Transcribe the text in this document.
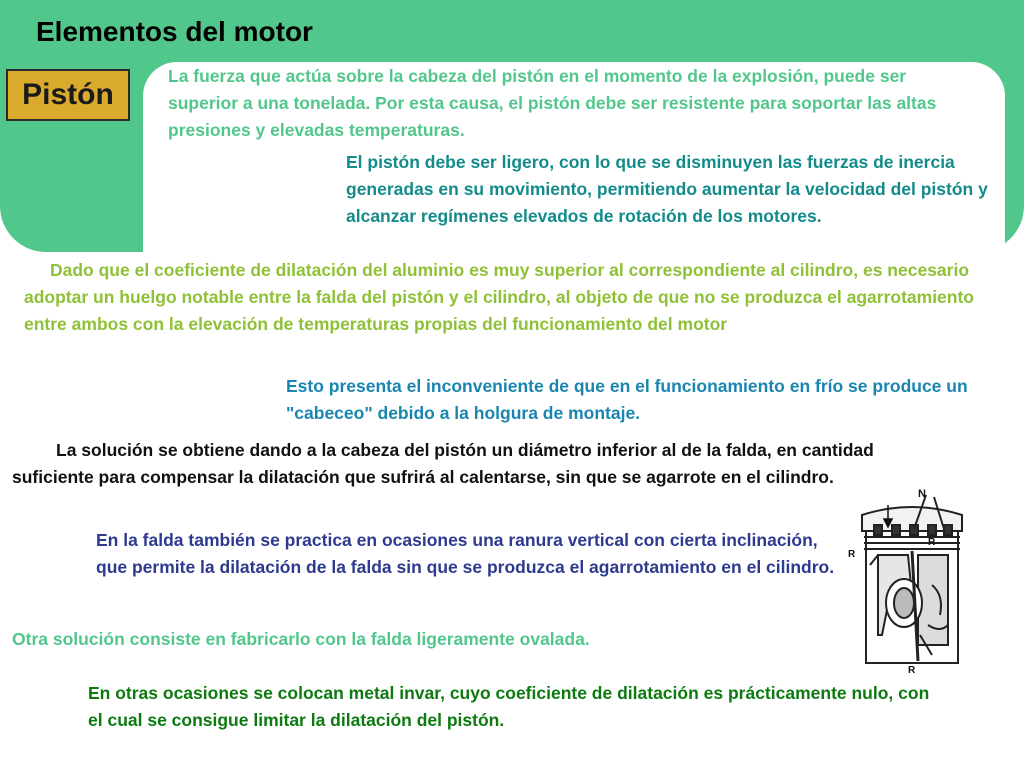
Elementos del motor
Pistón

La fuerza que actúa sobre la cabeza del pistón en el momento de la explosión, puede ser superior a una tonelada. Por esta causa, el pistón debe ser resistente para soportar las altas presiones y elevadas temperaturas.

El pistón debe ser ligero, con lo que se disminuyen las fuerzas de inercia generadas en su movimiento, permitiendo aumentar la velocidad del pistón y alcanzar regímenes elevados de rotación de los motores.

Dado que el coeficiente de dilatación del aluminio es muy superior al correspondiente al cilindro, es necesario adoptar un huelgo notable entre la falda del pistón y el cilindro, al objeto de que no se produzca el agarrotamiento entre ambos con la elevación de temperaturas propias del funcionamiento del motor

Esto presenta el inconveniente de que en el funcionamiento en frío se produce un "cabeceo" debido a la holgura de montaje.

La solución se obtiene dando a la cabeza del pistón un diámetro inferior al de la falda, en cantidad suficiente para compensar la dilatación que sufrirá al calentarse, sin que se agarrote en el cilindro.

En la falda también se practica en ocasiones una ranura vertical con cierta inclinación, que permite la dilatación de la falda sin que se produzca el agarrotamiento en el cilindro.

Otra solución consiste en fabricarlo con la falda ligeramente ovalada.

En otras ocasiones se colocan metal invar, cuyo coeficiente de dilatación es prácticamente nulo, con el cual se consigue limitar la dilatación del pistón.

N
R
R
R
